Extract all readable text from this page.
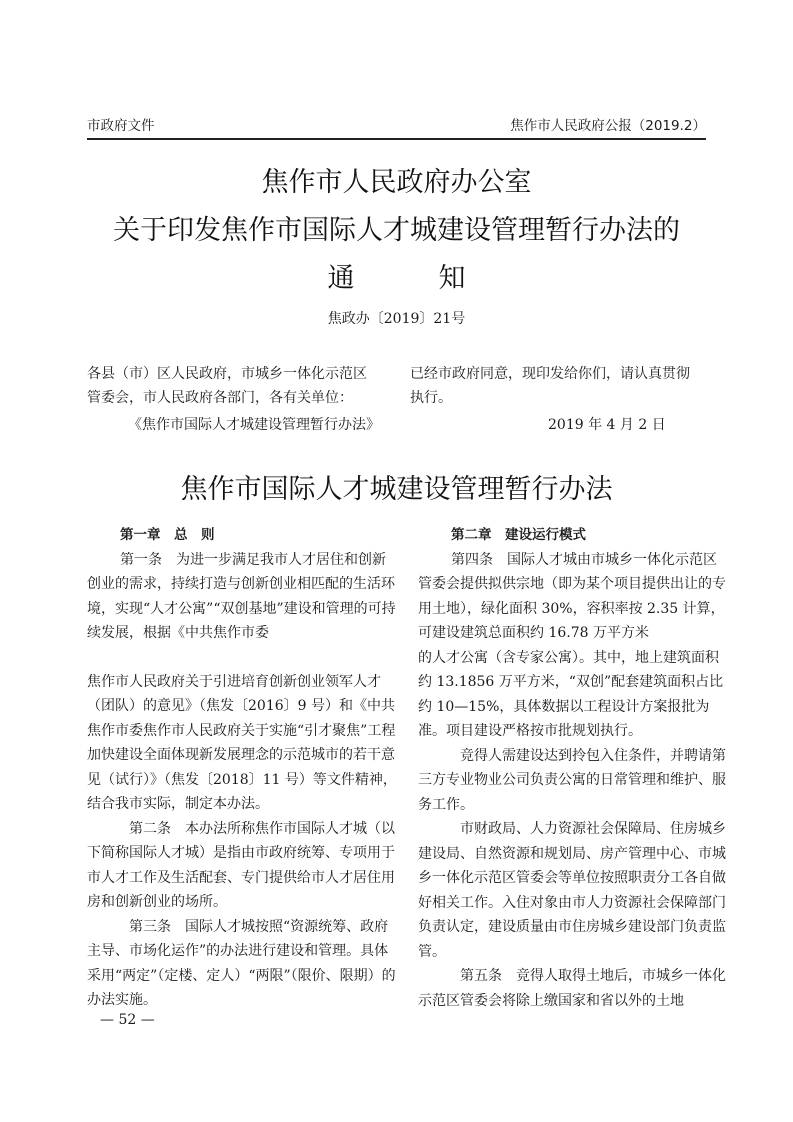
市政府文件	焦作市人民政府公报（2019.2）
焦作市人民政府办公室
关于印发焦作市国际人才城建设管理暂行办法的
通	知
焦政办〔2019〕21号
各县（市）区人民政府，市城乡一体化示范区
管委会，市人民政府各部门，各有关单位：
已经市政府同意，现印发给你们，请认真贯彻
执行。
《焦作市国际人才城建设管理暂行办法》	2019 年 4 月 2 日
焦作市国际人才城建设管理暂行办法

第一章　总　则

第一条　为进一步满足我市人才居住和创新创业的需求，持续打造与创新创业相匹配的生活环境，实现“人才公寓”“双创基地”建设和管理的可持续发展，根据《中共焦作市委

焦作市人民政府关于引进培育创新创业领军人才（团队）的意见》（焦发〔2016〕9 号）和《中共焦作市委焦作市人民政府关于实施“引才聚焦”工程加快建设全面体现新发展理念的示范城市的若干意见（试行）》（焦发〔2018〕11 号）等文件精神，结合我市实际，制定本办法。

第二条　本办法所称焦作市国际人才城（以下简称国际人才城）是指由市政府统筹、专项用于市人才工作及生活配套、专门提供给市人才居住用房和创新创业的场所。

第三条　国际人才城按照“资源统筹、政府主导、市场化运作”的办法进行建设和管理。具体采用“两定”（定楼、定人）“两限”（限价、限期）的办法实施。

第二章　建设运行模式

第四条　国际人才城由市城乡一体化示范区管委会提供拟供宗地（即为某个项目提供出让的专用土地），绿化面积 30%，容积率按 2.35 计算，可建设建筑总面积约 16.78 万平方米

的人才公寓（含专家公寓）。其中，地上建筑面积约 13.1856 万平方米，“双创”配套建筑面积占比约 10—15%，具体数据以工程设计方案报批为准。项目建设严格按市批规划执行。

竞得人需建设达到拎包入住条件，并聘请第三方专业物业公司负责公寓的日常管理和维护、服务工作。

市财政局、人力资源社会保障局、住房城乡建设局、自然资源和规划局、房产管理中心、市城乡一体化示范区管委会等单位按照职责分工各自做好相关工作。入住对象由市人力资源社会保障部门负责认定，建设质量由市住房城乡建设部门负责监管。

第五条　竞得人取得土地后，市城乡一体化示范区管委会将除上缴国家和省以外的土地

— 52 —
